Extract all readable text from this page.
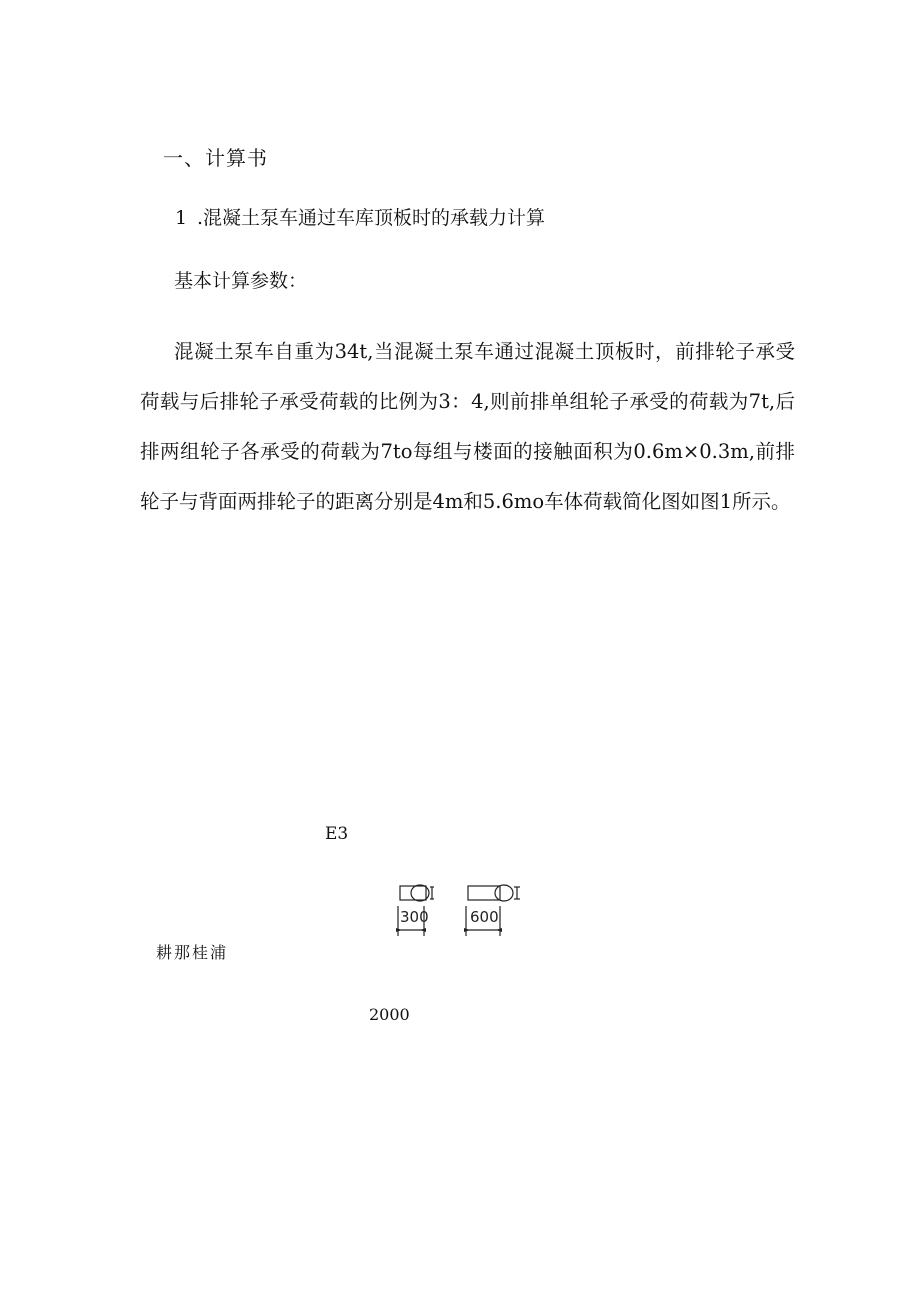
一、计算书
1 .混凝土泵车通过车库顶板时的承载力计算
基本计算参数：

混凝土泵车自重为34t,当混凝土泵车通过混凝土顶板时，前排轮子承受荷载与后排轮子承受荷载的比例为3：4,则前排单组轮子承受的荷载为7t,后排两组轮子各承受的荷载为7to每组与楼面的接触面积为0.6m×0.3m,前排轮子与背面两排轮子的距离分别是4m和5.6mo车体荷载简化图如图1所示。

E3
300	600
耕那桂浦
2000
